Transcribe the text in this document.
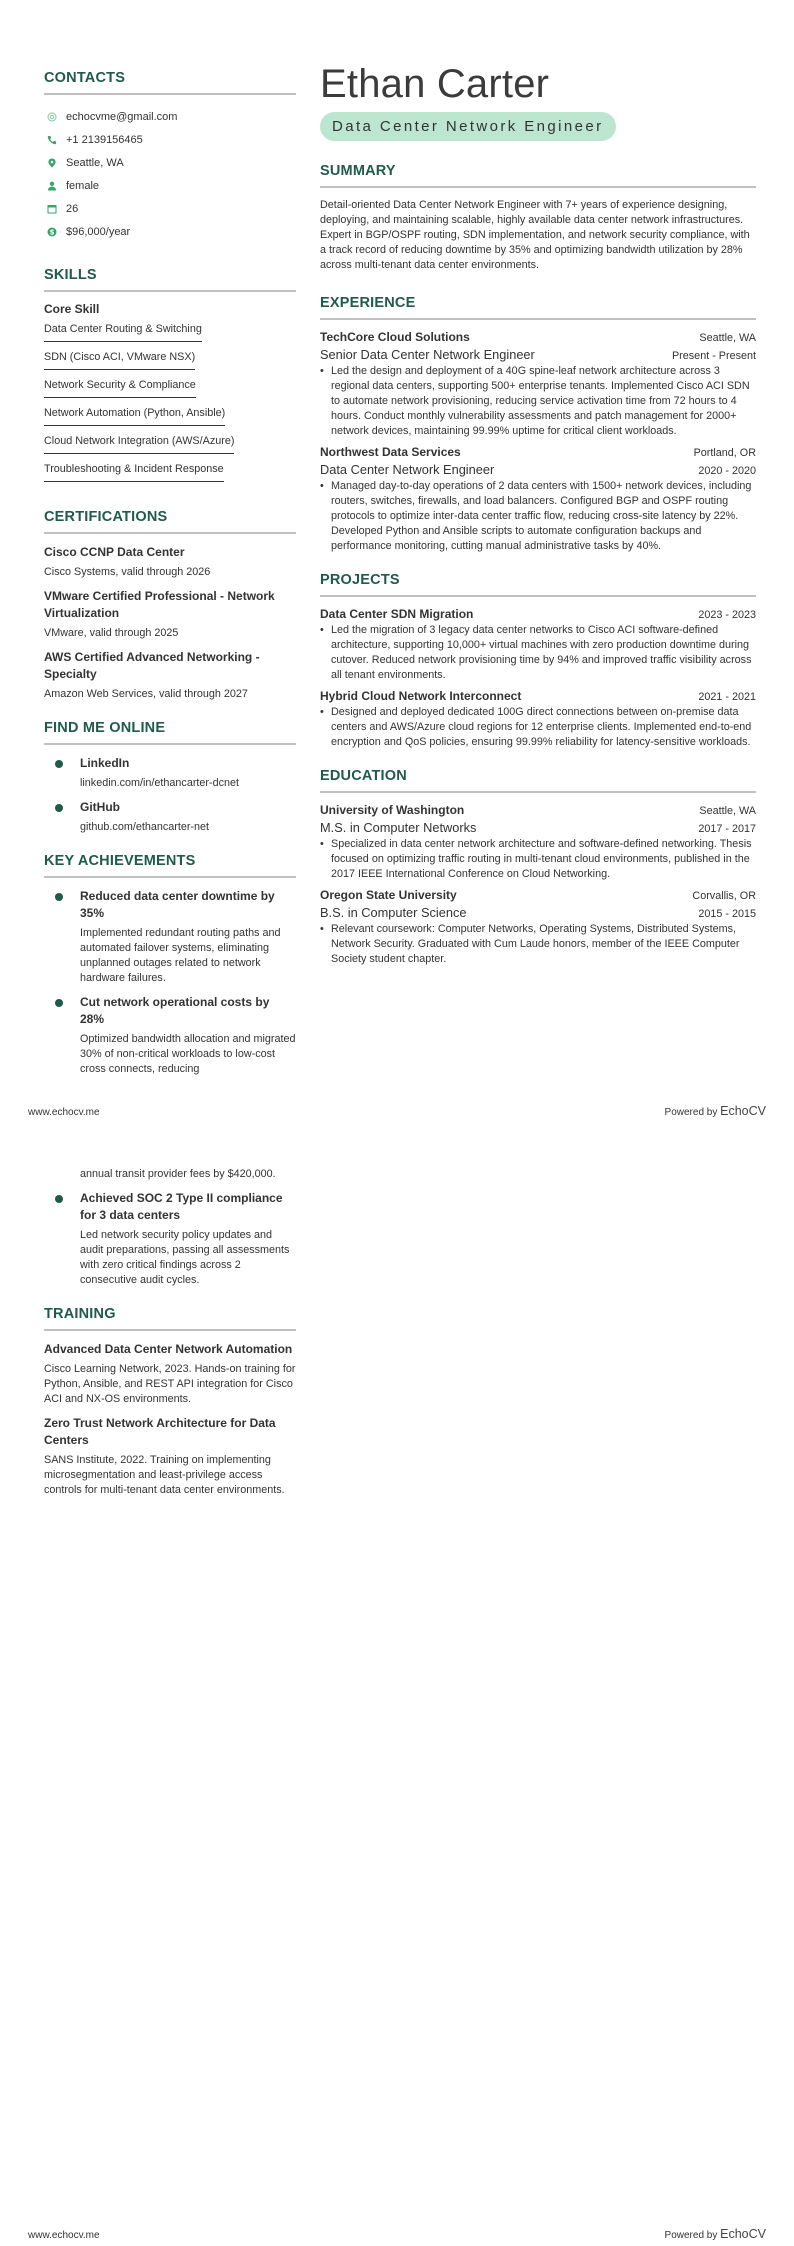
CONTACTS
echocvme@gmail.com
+1 2139156465
Seattle, WA
female
26
$ $96,000/year
SKILLS
Core Skill
Data Center Routing & Switching
SDN (Cisco ACI, VMware NSX)
Network Security & Compliance
Network Automation (Python, Ansible)
Cloud Network Integration (AWS/Azure)
Troubleshooting & Incident Response
CERTIFICATIONS
Cisco CCNP Data Center
Cisco Systems, valid through 2026
VMware Certified Professional - Network Virtualization
VMware, valid through 2025
AWS Certified Advanced Networking - Specialty
Amazon Web Services, valid through 2027
FIND ME ONLINE
LinkedIn
linkedin.com/in/ethancarter-dcnet
GitHub
github.com/ethancarter-net
KEY ACHIEVEMENTS
Reduced data center downtime by 35%
Implemented redundant routing paths and automated failover systems, eliminating unplanned outages related to network hardware failures.
Cut network operational costs by 28%
Optimized bandwidth allocation and migrated 30% of non-critical workloads to low-cost cross connects, reducing
Ethan Carter
Data Center Network Engineer
SUMMARY
Detail-oriented Data Center Network Engineer with 7+ years of experience designing, deploying, and maintaining scalable, highly available data center network infrastructures. Expert in BGP/OSPF routing, SDN implementation, and network security compliance, with a track record of reducing downtime by 35% and optimizing bandwidth utilization by 28% across multi-tenant data center environments.
EXPERIENCE
TechCore Cloud Solutions	Seattle, WA
Senior Data Center Network Engineer	Present - Present
• Led the design and deployment of a 40G spine-leaf network architecture across 3 regional data centers, supporting 500+ enterprise tenants. Implemented Cisco ACI SDN to automate network provisioning, reducing service activation time from 72 hours to 4 hours. Conduct monthly vulnerability assessments and patch management for 2000+ network devices, maintaining 99.99% uptime for critical client workloads.
Northwest Data Services	Portland, OR
Data Center Network Engineer	2020 - 2020
• Managed day-to-day operations of 2 data centers with 1500+ network devices, including routers, switches, firewalls, and load balancers. Configured BGP and OSPF routing protocols to optimize inter-data center traffic flow, reducing cross-site latency by 22%. Developed Python and Ansible scripts to automate configuration backups and performance monitoring, cutting manual administrative tasks by 40%.
PROJECTS
Data Center SDN Migration	2023 - 2023
• Led the migration of 3 legacy data center networks to Cisco ACI software-defined architecture, supporting 10,000+ virtual machines with zero production downtime during cutover. Reduced network provisioning time by 94% and improved traffic visibility across all tenant environments.
Hybrid Cloud Network Interconnect	2021 - 2021
• Designed and deployed dedicated 100G direct connections between on-premise data centers and AWS/Azure cloud regions for 12 enterprise clients. Implemented end-to-end encryption and QoS policies, ensuring 99.99% reliability for latency-sensitive workloads.
EDUCATION
University of Washington	Seattle, WA
M.S. in Computer Networks	2017 - 2017
• Specialized in data center network architecture and software-defined networking. Thesis focused on optimizing traffic routing in multi-tenant cloud environments, published in the 2017 IEEE International Conference on Cloud Networking.
Oregon State University	Corvallis, OR
B.S. in Computer Science	2015 - 2015
• Relevant coursework: Computer Networks, Operating Systems, Distributed Systems, Network Security. Graduated with Cum Laude honors, member of the IEEE Computer Society student chapter.
www.echocv.me	Powered by EchoCV
annual transit provider fees by $420,000.
Achieved SOC 2 Type II compliance for 3 data centers
Led network security policy updates and audit preparations, passing all assessments with zero critical findings across 2 consecutive audit cycles.
TRAINING
Advanced Data Center Network Automation
Cisco Learning Network, 2023. Hands-on training for Python, Ansible, and REST API integration for Cisco ACI and NX-OS environments.
Zero Trust Network Architecture for Data Centers
SANS Institute, 2022. Training on implementing microsegmentation and least-privilege access controls for multi-tenant data center environments.
www.echocv.me	Powered by EchoCV
